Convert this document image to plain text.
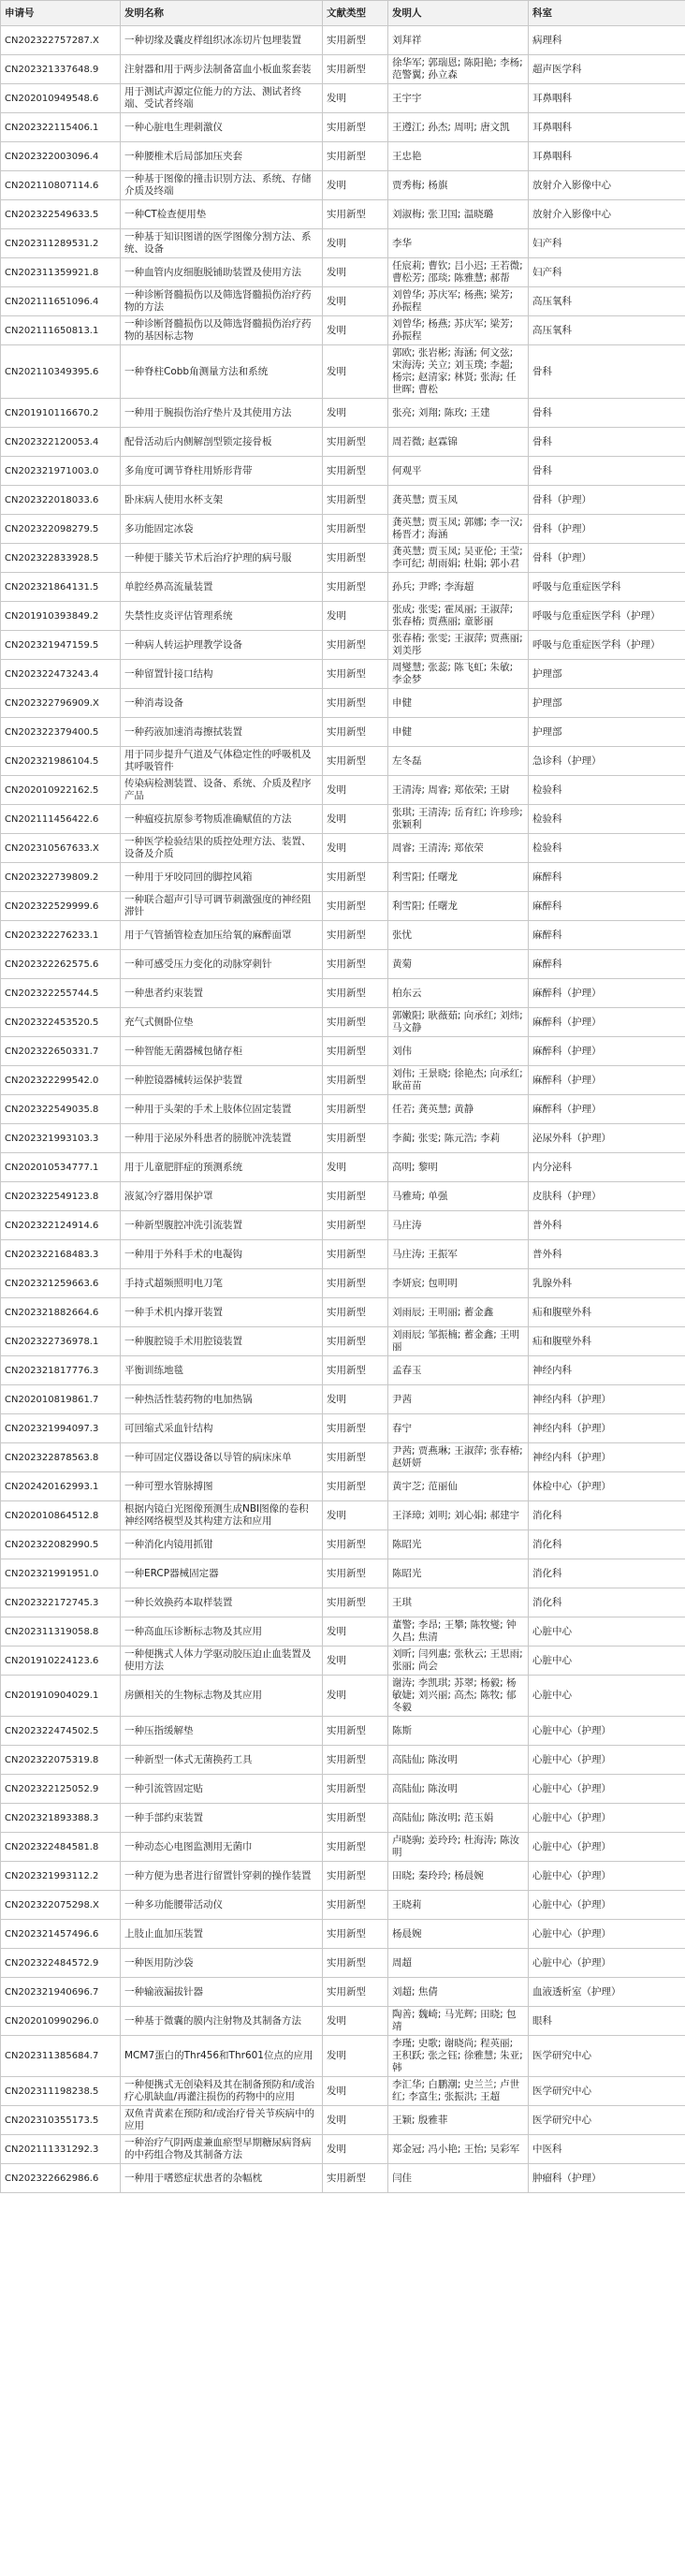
申请号	发明名称	文献类型	发明人	科室
CN202322757287.X	一种切缘及囊皮样组织冰冻切片包埋装置	实用新型	刘拜祥	病理科
CN202321337648.9	注射器和用于两步法制备富血小板血浆套装	实用新型	徐华军; 郭瑞恩; 陈阳艳; 李杨; 范警翼; 孙立森	超声医学科
CN202010949548.6	用于测试声源定位能力的方法、测试者终端、受试者终端	发明	王宇宇	耳鼻咽科
CN202322115406.1	一种心脏电生理刺激仪	实用新型	王遵江; 孙杰; 周明; 唐文凯	耳鼻咽科
CN202322003096.4	一种腰椎术后局部加压夹套	实用新型	王忠艳	耳鼻咽科
CN202110807114.6	一种基于图像的撞击识别方法、系统、存储介质及终端	发明	贾秀梅; 杨旗	放射介入影像中心
CN202322549633.5	一种CT检查便用垫	实用新型	刘淑梅; 张卫国; 温晓璐	放射介入影像中心
CN202311289531.2	一种基于知识图谱的医学图像分割方法、系统、设备	发明	李华	妇产科
CN202311359921.8	一种血管内皮细胞脱铺助装置及使用方法	发明	任宸莉; 曹钦; 吕小迟; 王若微; 曹松芳; 邵琰; 陈雅慧; 郝帮	妇产科
CN202111651096.4	一种诊断肾髓损伤以及筛选肾髓损伤治疗药物的方法	发明	刘曾华; 苏庆军; 杨燕; 梁芳; 孙振程	高压氧科
CN202111650813.1	一种诊断肾髓损伤以及筛选肾髓损伤治疗药物的基因标志物	发明	刘曾华; 杨燕; 苏庆军; 梁芳; 孙振程	高压氧科
CN202110349395.6	一种脊柱Cobb角测量方法和系统	发明	郭欧; 张岩彬; 海涵; 何文弦; 宋海涛; 关立; 刘玉璞; 李超; 杨宗; 赵清家; 林贤; 张海; 任世晖; 曹松	骨科
CN201910116670.2	一种用于腕损伤治疗垫片及其使用方法	发明	张亮; 刘翔; 陈玫; 王建	骨科
CN202322120053.4	配骨活动后内侧解剖型锁定接骨板	实用新型	周若微; 赵霖锦	骨科
CN202321971003.0	多角度可调节脊柱用矫形背带	实用新型	何观平	骨科
CN202322018033.6	卧床病人使用水杯支架	实用新型	龚英慧; 贾玉凤	骨科（护理）
CN202322098279.5	多功能固定冰袋	实用新型	龚英慧; 贾玉凤; 郭娜; 李一汉; 杨晋才; 海涵	骨科（护理）
CN202322833928.5	一种便于膝关节术后治疗护理的病号服	实用新型	龚英慧; 贾玉凤; 吴亚伦; 王莹; 李可纪; 胡雨娟; 杜娟; 郭小君	骨科（护理）
CN202321864131.5	单腔经鼻高流量装置	实用新型	孙兵; 尹晔; 李海超	呼吸与危重症医学科
CN201910393849.2	失禁性皮炎评估管理系统	发明	张成; 张雯; 霍凤丽; 王淑萍; 张春椿; 贾燕丽; 童影丽	呼吸与危重症医学科（护理）
CN202321947159.5	一种病人转运护理教学设备	实用新型	张春椿; 张雯; 王淑萍; 贾燕丽; 刘美彤	呼吸与危重症医学科（护理）
CN202322473243.4	一种留置针接口结构	实用新型	周燮慧; 张蕊; 陈飞虹; 朱敏; 李金梦	护理部
CN202322796909.X	一种消毒设备	实用新型	申健	护理部
CN202322379400.5	一种药液加速消毒擦拭装置	实用新型	申健	护理部
CN202321986104.5	用于同步提升气道及气体稳定性的呼吸机及其呼吸管件	实用新型	左冬磊	急诊科（护理）
CN202010922162.5	传染病检测装置、设备、系统、介质及程序产品	发明	王清涛; 周睿; 郑依荣; 王尉	检验科
CN202111456422.6	一种瘟疫抗原参考物质准确赋值的方法	发明	张琪; 王清涛; 岳育红; 许珍珍; 张颖利	检验科
CN202310567633.X	一种医学检验结果的质控处理方法、装置、设备及介质	发明	周睿; 王清涛; 郑依荣	检验科
CN202322739809.2	一种用于牙咬同回的脚控风箱	实用新型	利雪阳; 任曙龙	麻醉科
CN202322529999.6	一种联合超声引导可调节刺激强度的神经阻滞针	实用新型	利雪阳; 任曙龙	麻醉科
CN202322276233.1	用于气管插管检查加压给氧的麻醉面罩	实用新型	张忧	麻醉科
CN202322262575.6	一种可感受压力变化的动脉穿刺针	实用新型	黄菊	麻醉科
CN202322255744.5	一种患者约束装置	实用新型	柏东云	麻醉科（护理）
CN202322453520.5	充气式侧卧位垫	实用新型	郭嫩阳; 耿薇茹; 向承红; 刘炜; 马文静	麻醉科（护理）
CN202322650331.7	一种智能无菌器械包储存柜	实用新型	刘伟	麻醉科（护理）
CN202322299542.0	一种腔镜器械转运保护装置	实用新型	刘伟; 王景晓; 徐艳杰; 向承红; 耿苗苗	麻醉科（护理）
CN202322549035.8	一种用于头架的手术上肢体位固定装置	实用新型	任若; 龚英慧; 黄静	麻醉科（护理）
CN202321993103.3	一种用于泌尿外科患者的膀胱冲洗装置	实用新型	李蔺; 张雯; 陈元浩; 李莉	泌尿外科（护理）
CN202010534777.1	用于儿童肥胖症的预测系统	发明	高明; 黎明	内分泌科
CN202322549123.8	液氮冷疗器用保护罩	实用新型	马雅琦; 单强	皮肤科（护理）
CN202322124914.6	一种新型腹腔冲洗引流装置	实用新型	马庄涛	普外科
CN202322168483.3	一种用于外科手术的电凝钩	实用新型	马庄涛; 王振军	普外科
CN202321259663.6	手持式超频照明电刀笔	实用新型	李妍宸; 包明明	乳腺外科
CN202321882664.6	一种手术机内撑开装置	实用新型	刘雨辰; 王明丽; 蓄金鑫	疝和腹壁外科
CN202322736978.1	一种腹腔镜手术用腔镜装置	实用新型	刘雨辰; 邹振楠; 蓄金鑫; 王明丽	疝和腹壁外科
CN202321817776.3	平衡训练地毯	实用新型	孟春玉	神经内科
CN202010819861.7	一种热活性装药物的电加热锅	发明	尹茜	神经内科（护理）
CN202321994097.3	可回缩式采血针结构	实用新型	春宁	神经内科（护理）
CN202322878563.8	一种可固定仪器设备以导管的病床床单	实用新型	尹茜; 贾燕琳; 王淑萍; 张春椿; 赵妍妍	神经内科（护理）
CN202420162993.1	一种可塑水管脉搏图	实用新型	黄宇芝; 范丽仙	体检中心（护理）
CN202010864512.8	根据内镜白光图像预测生成NBI图像的卷积神经网络模型及其构建方法和应用	发明	王泽璋; 刘明; 刘心娟; 郝建宇	消化科
CN202322082990.5	一种消化内镜用抓钳	实用新型	陈昭光	消化科
CN202321991951.0	一种ERCP器械固定器	实用新型	陈昭光	消化科
CN202322172745.3	一种长效换药本取样装置	实用新型	王琪	消化科
CN202311319058.8	一种高血压诊断标志物及其应用	发明	董警; 李昂; 王攀; 陈牧燮; 钟久昌; 焦清	心脏中心
CN201910224123.6	一种便携式人体力学驱动胶压迫止血装置及使用方法	发明	刘昕; 闫列惠; 张秋云; 王思雨; 张丽; 尚会	心脏中心
CN201910904029.1	房颤相关的生物标志物及其应用	发明	谢涛; 李凯琪; 苏翠; 杨毅; 杨敏婕; 刘兴丽; 高杰; 陈牧; 郁冬毅	心脏中心
CN202322474502.5	一种压指缓解垫	实用新型	陈斯	心脏中心（护理）
CN202322075319.8	一种新型一体式无菌换药工具	实用新型	高陆仙; 陈汝明	心脏中心（护理）
CN202322125052.9	一种引流管固定贴	实用新型	高陆仙; 陈汝明	心脏中心（护理）
CN202321893388.3	一种手部约束装置	实用新型	高陆仙; 陈汝明; 范玉娟	心脏中心（护理）
CN202322484581.8	一种动态心电图监测用无菌巾	实用新型	卢晓驹; 姜玲玲; 杜海涛; 陈汝明	心脏中心（护理）
CN202321993112.2	一种方便为患者进行留置针穿刺的操作装置	实用新型	田晓; 秦玲玲; 杨晨婉	心脏中心（护理）
CN202322075298.X	一种多功能腰带活动仪	实用新型	王晓莉	心脏中心（护理）
CN202321457496.6	上肢止血加压装置	实用新型	杨晨婉	心脏中心（护理）
CN202322484572.9	一种医用防沙袋	实用新型	周超	心脏中心（护理）
CN202321940696.7	一种输液漏拔针器	实用新型	刘超; 焦倩	血液透析室（护理）
CN202010990296.0	一种基于微囊的膜内注射物及其制备方法	发明	陶善; 魏崎; 马光辉; 田晓; 包靖	眼科
CN202311385684.7	MCM7蛋白的Thr456和Thr601位点的应用	发明	李瑾; 史歌; 谢晓尚; 程英丽; 王积跃; 张之钰; 徐雅慧; 朱亚; 韩	医学研究中心
CN202311198238.5	一种便携式无创染料及其在制备预防和/或治疗心肌缺血/再灌注损伤的药物中的应用	发明	李汇华; 白鹏潮; 史兰兰; 卢世红; 李富生; 张振洪; 王超	医学研究中心
CN202310355173.5	双鱼青黄素在预防和/或治疗骨关节疾病中的应用	发明	王颖; 殷雅菲	医学研究中心
CN202111331292.3	一种治疗气阴两虚兼血瘀型早期糖尿病肾病的中药组合物及其制备方法	发明	郑金冠; 冯小艳; 王怡; 吴彩军	中医科
CN202322662986.6	一种用于嗜慾症状患者的杂幅枕	实用新型	闫佳	肿瘤科（护理）
